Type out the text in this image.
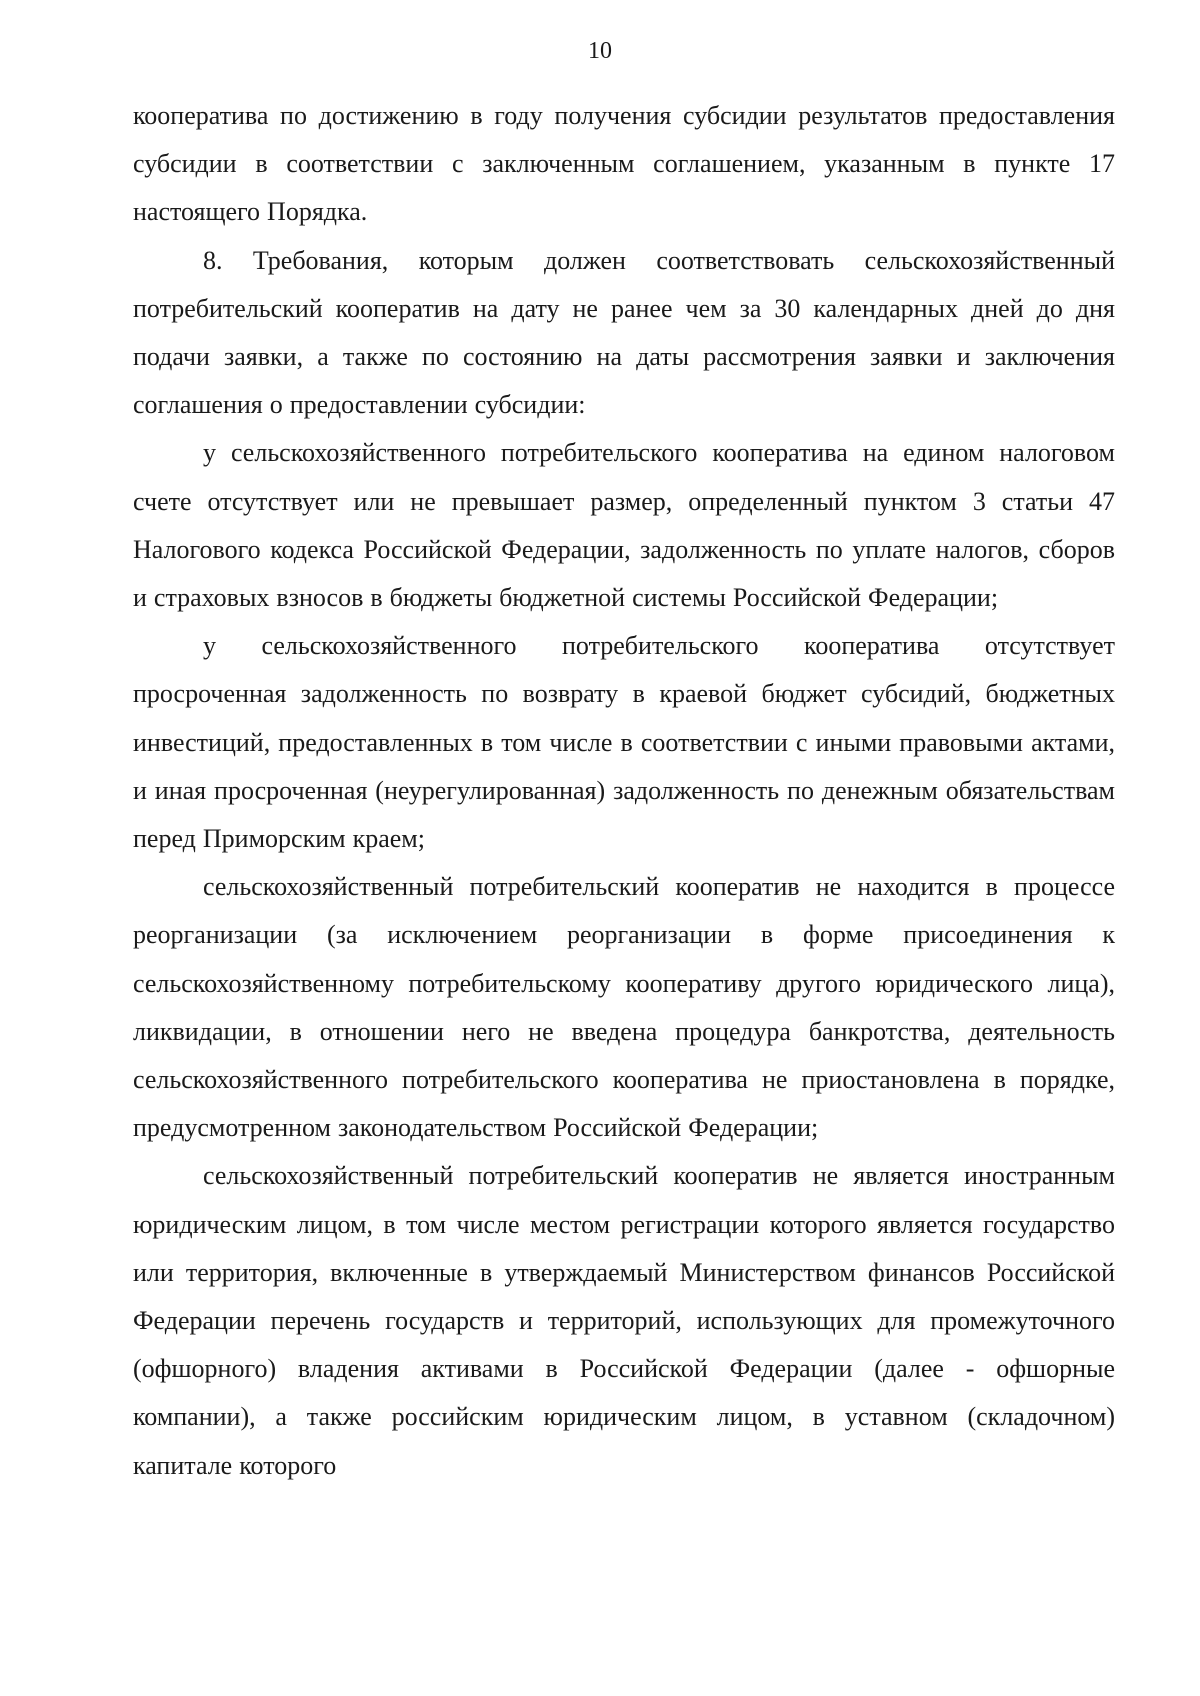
10

кооператива по достижению в году получения субсидии результатов предоставления субсидии в соответствии с заключенным соглашением, указанным в пункте 17 настоящего Порядка.

8. Требования, которым должен соответствовать сельскохозяйственный потребительский кооператив на дату не ранее чем за 30 календарных дней до дня подачи заявки, а также по состоянию на даты рассмотрения заявки и заключения соглашения о предоставлении субсидии:

у сельскохозяйственного потребительского кооператива на едином налоговом счете отсутствует или не превышает размер, определенный пунктом 3 статьи 47 Налогового кодекса Российской Федерации, задолженность по уплате налогов, сборов и страховых взносов в бюджеты бюджетной системы Российской Федерации;

у сельскохозяйственного потребительского кооператива отсутствует просроченная задолженность по возврату в краевой бюджет субсидий, бюджетных инвестиций, предоставленных в том числе в соответствии с иными правовыми актами, и иная просроченная (неурегулированная) задолженность по денежным обязательствам перед Приморским краем;

сельскохозяйственный потребительский кооператив не находится в процессе реорганизации (за исключением реорганизации в форме присоединения к сельскохозяйственному потребительскому кооперативу другого юридического лица), ликвидации, в отношении него не введена процедура банкротства, деятельность сельскохозяйственного потребительского кооператива не приостановлена в порядке, предусмотренном законодательством Российской Федерации;

сельскохозяйственный потребительский кооператив не является иностранным юридическим лицом, в том числе местом регистрации которого является государство или территория, включенные в утверждаемый Министерством финансов Российской Федерации перечень государств и территорий, использующих для промежуточного (офшорного) владения активами в Российской Федерации (далее - офшорные компании), а также российским юридическим лицом, в уставном (складочном) капитале которого
